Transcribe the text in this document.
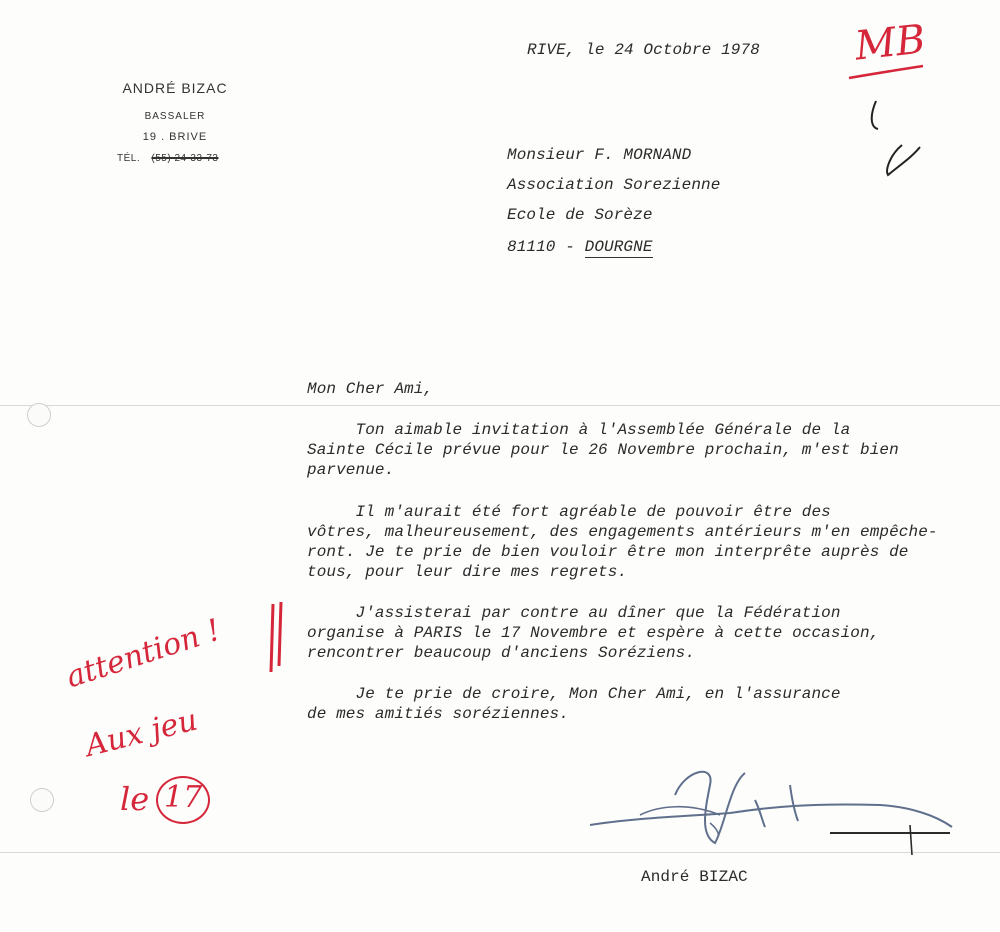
ANDRÉ BIZAC
BASSALER
19 . BRIVE
TÉL. (55) 24-33-73
RIVE, le 24 Octobre 1978
Monsieur F. MORNAND
Association Sorezienne
Ecole de Sorèze
81110 - DOURGNE
Mon Cher Ami,
Ton aimable invitation à l'Assemblée Générale de la
Sainte Cécile prévue pour le 26 Novembre prochain, m'est bien
parvenue.
Il m'aurait été fort agréable de pouvoir être des
vôtres, malheureusement, des engagements antérieurs m'en empêche-
ront. Je te prie de bien vouloir être mon interprête auprès de
tous, pour leur dire mes regrets.
J'assisterai par contre au dîner que la Fédération
organise à PARIS le 17 Novembre et espère à cette occasion,
rencontrer beaucoup d'anciens Soréziens.
Je te prie de croire, Mon Cher Ami, en l'assurance
de mes amitiés soréziennes.
André BIZAC
MB
attention !
Aux jeu
le 17
